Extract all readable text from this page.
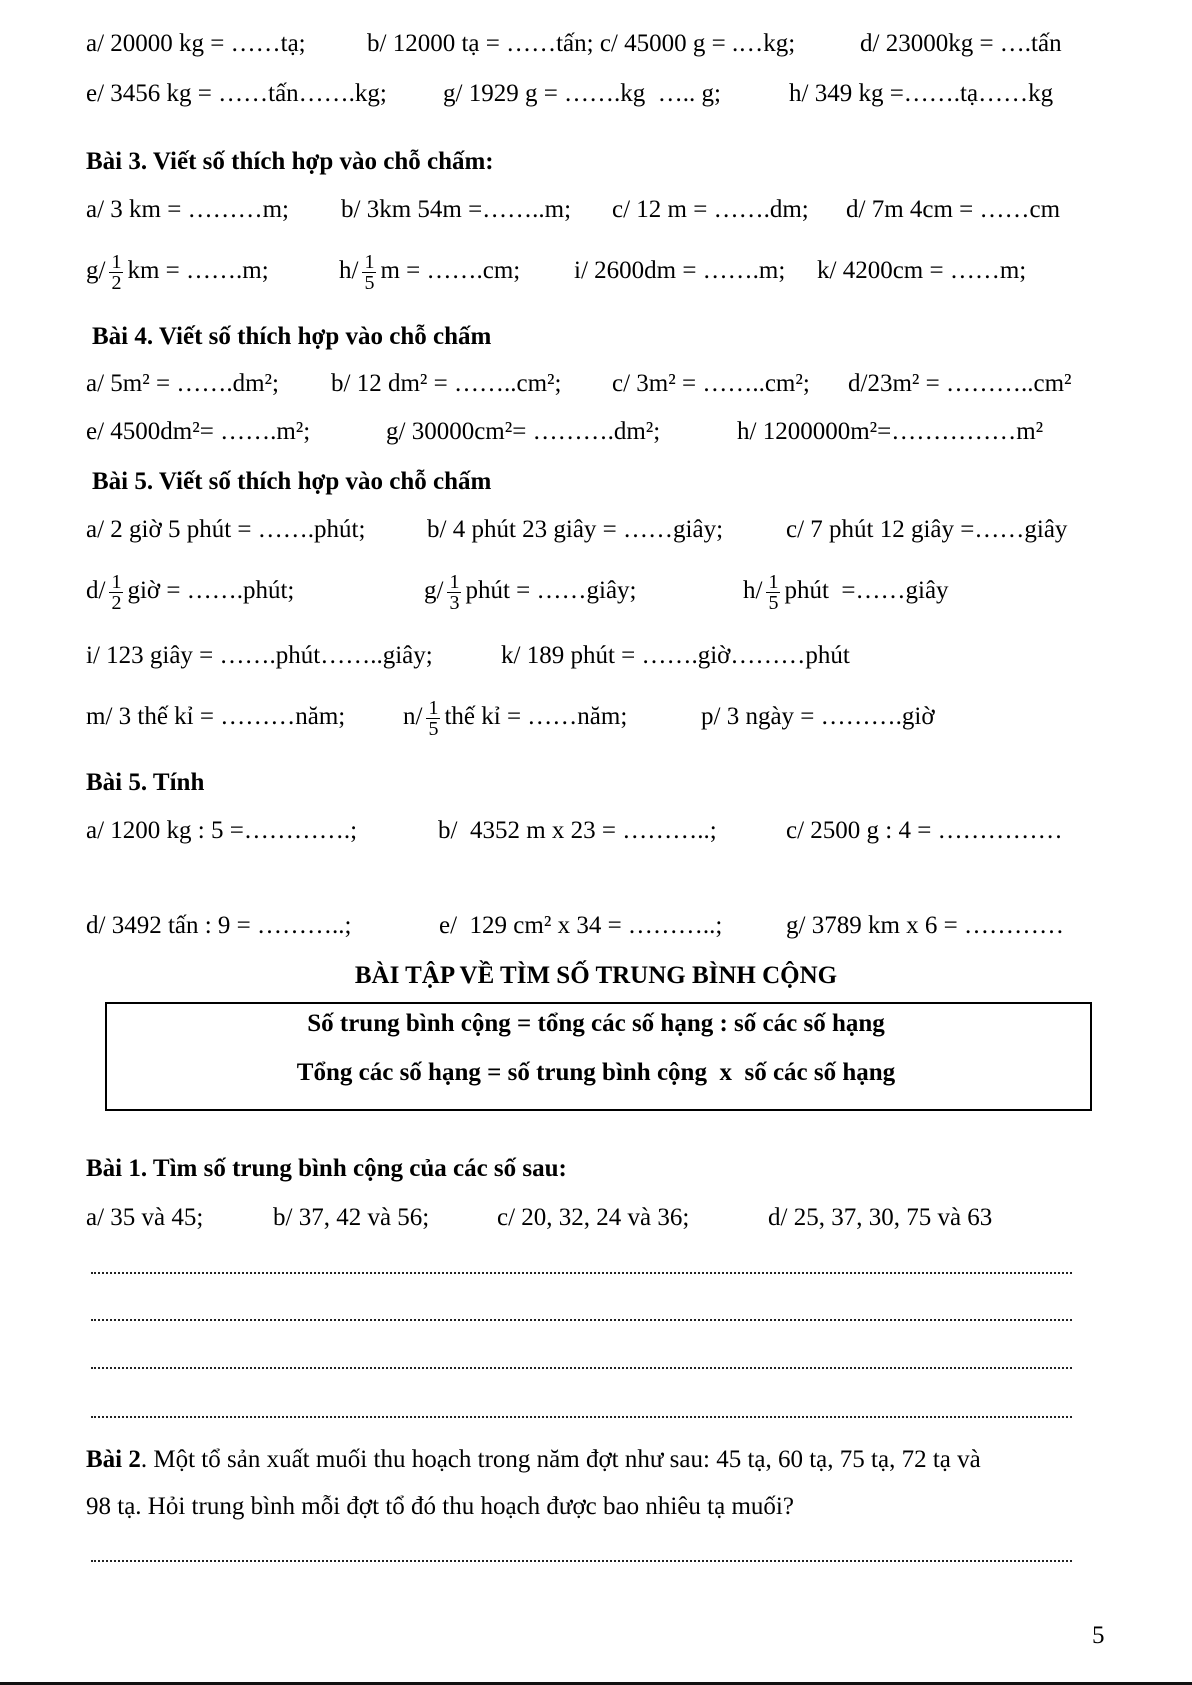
a/ 20000 kg = ……tạ; b/ 12000 tạ = ……tấn; c/ 45000 g = .…kg;	d/ 23000kg = ….tấn
e/ 3456 kg = ……tấn…….kg; g/ 1929 g = …….kg  ….. g;	h/ 349 kg =…….tạ……kg
Bài 3. Viết số thích hợp vào chỗ chấm:
a/ 3 km = ………m; b/ 3km 54m =……..m; c/ 12 m = …….dm; d/ 7m 4cm = ……cm
$g/ \frac{1}{2}$ km = …….m;	$h/ \frac{1}{5}$ m = …….cm; i/ 2600dm = …….m; k/ 4200cm = ……m;
Bài 4. Viết số thích hợp vào chỗ chấm
a/ 5m² = …….dm²; b/ 12 dm² = ……..cm²; c/ 3m² = ……..cm²; d/23m² = ………..cm²
e/ 4500dm²= …….m²;	g/ 30000cm²= ……….dm²;	h/ 1200000m²=……………m²
Bài 5. Viết số thích hợp vào chỗ chấm
a/ 2 giờ 5 phút = …….phút; b/ 4 phút 23 giây = ……giây;	c/ 7 phút 12 giây =……giây
$d/ \frac{1}{2}$ giờ = …….phút;	$g/ \frac{1}{3}$ phút = ……giây;	$h/ \frac{1}{5}$ phút  =……giây
i/ 123 giây = …….phút……..giây;	k/ 189 phút = …….giờ………phút
m/ 3 thế kỉ = ………năm; $n/ \frac{1}{5}$ thế kỉ = ……năm;	p/ 3 ngày = ……….giờ
Bài 5. Tính
a/ 1200 kg : 5 =………….;	b/  4352 m x 23 = ………..;	c/ 2500 g : 4 = ……………
d/ 3492 tấn : 9 = ………..;	e/  129 cm² x 34 = ………..;	g/ 3789 km x 6 = …………
BÀI TẬP VỀ TÌM SỐ TRUNG BÌNH CỘNG
Số trung bình cộng = tổng các số hạng : số các số hạng
Tổng các số hạng = số trung bình cộng  x  số các số hạng
Bài 1. Tìm số trung bình cộng của các số sau:
a/ 35 và 45;	b/ 37, 42 và 56;	c/ 20, 32, 24 và 36;	d/ 25, 37, 30, 75 và 63
Bài 2. Một tổ sản xuất muối thu hoạch trong năm đợt như sau: 45 tạ, 60 tạ, 75 tạ, 72 tạ và
98 tạ. Hỏi trung bình mỗi đợt tổ đó thu hoạch được bao nhiêu tạ muối?
5
